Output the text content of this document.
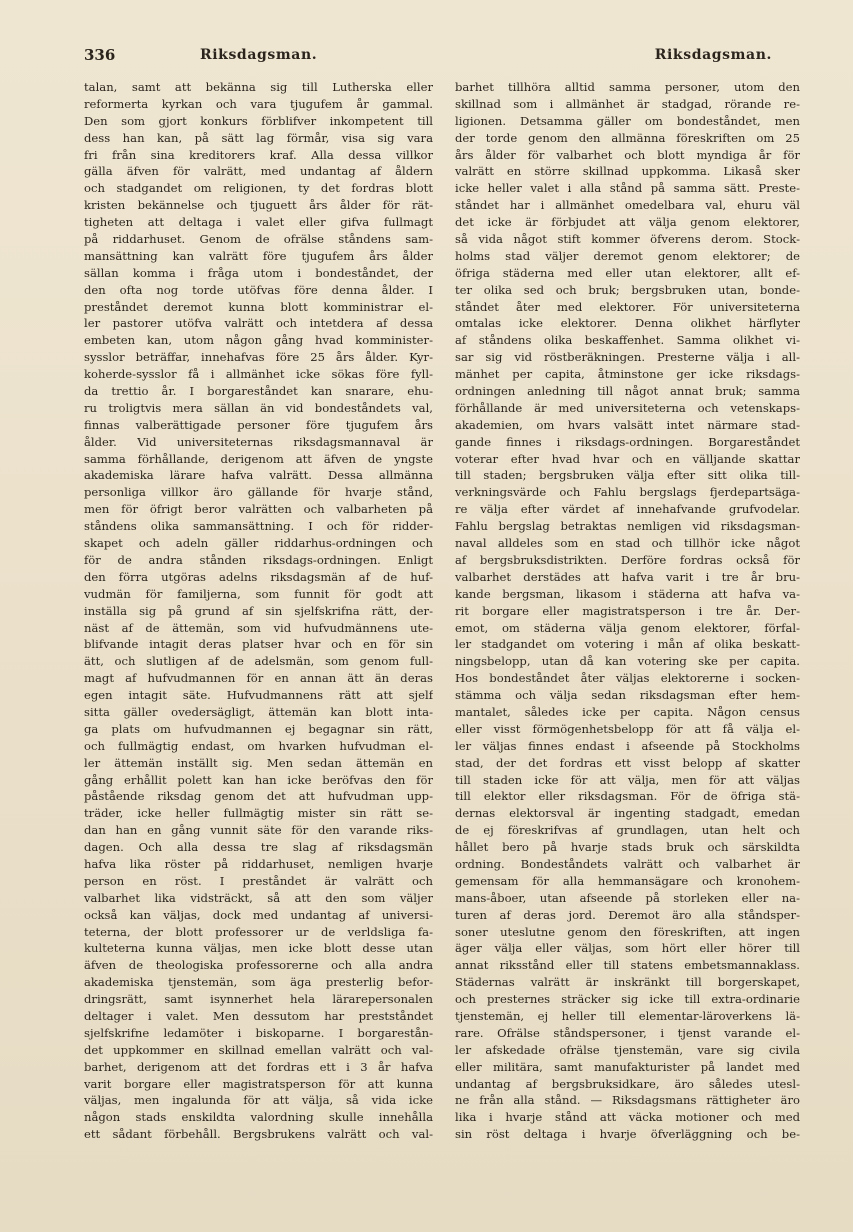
336	Riksdagsman.	Riksdagsman.
talan, samt att bekänna sig till Lutherska eller
reformerta kyrkan och vara tjugufem år gammal.
Den som gjort konkurs förblifver inkompetent till
dess han kan, på sätt lag förmår, visa sig vara
fri från sina kreditorers kraf. Alla dessa villkor
gälla äfven för valrätt, med undantag af åldern
och stadgandet om religionen, ty det fordras blott
kristen bekännelse och tjuguett års ålder för rät-
tigheten att deltaga i valet eller gifva fullmagt
på riddarhuset. Genom de ofrälse ståndens sam-
mansättning kan valrätt före tjugufem års ålder
sällan komma i fråga utom i bondeståndet, der
den ofta nog torde utöfvas före denna ålder. I
preståndet deremot kunna blott komministrar el-
ler pastorer utöfva valrätt och intetdera af dessa
embeten kan, utom någon gång hvad komminister-
sysslor beträffar, innehafvas före 25 års ålder. Kyr-
koherde-sysslor få i allmänhet icke sökas före fyll-
da trettio år. I borgareståndet kan snarare, ehu-
ru troligtvis mera sällan än vid bondeståndets val,
finnas valberättigade personer före tjugufem års
ålder. Vid universiteternas riksdagsmannaval är
samma förhållande, derigenom att äfven de yngste
akademiska lärare hafva valrätt. Dessa allmänna
personliga villkor äro gällande för hvarje stånd,
men för öfrigt beror valrätten och valbarheten på
ståndens olika sammansättning. I och för ridder-
skapet och adeln gäller riddarhus-ordningen och
för de andra stånden riksdags-ordningen. Enligt
den förra utgöras adelns riksdagsmän af de huf-
vudmän för familjerna, som funnit för godt att
inställa sig på grund af sin sjelfskrifna rätt, der-
näst af de ättemän, som vid hufvudmännens ute-
blifvande intagit deras platser hvar och en för sin
ätt, och slutligen af de adelsmän, som genom full-
magt af hufvudmannen för en annan ätt än deras
egen intagit säte. Hufvudmannens rätt att sjelf
sitta gäller ovedersägligt, ättemän kan blott inta-
ga plats om hufvudmannen ej begagnar sin rätt,
och fullmägtig endast, om hvarken hufvudman el-
ler ättemän inställt sig. Men sedan ättemän en
gång erhållit polett kan han icke beröfvas den för
påstående riksdag genom det att hufvudman upp-
träder, icke heller fullmägtig mister sin rätt se-
dan han en gång vunnit säte för den varande riks-
dagen. Och alla dessa tre slag af riksdagsmän
hafva lika röster på riddarhuset, nemligen hvarje
person en röst. I preståndet är valrätt och
valbarhet lika vidsträckt, så att den som väljer
också kan väljas, dock med undantag af universi-
teterna, der blott professorer ur de verldsliga fa-
kulteterna kunna väljas, men icke blott desse utan
äfven de theologiska professorerne och alla andra
akademiska tjenstemän, som äga presterlig befor-
dringsrätt, samt isynnerhet hela lärarepersonalen
deltager i valet. Men dessutom har prestståndet
sjelfskrifne ledamöter i biskoparne. I borgarestån-
det uppkommer en skillnad emellan valrätt och val-
barhet, derigenom att det fordras ett i 3 år hafva
varit borgare eller magistratsperson för att kunna
väljas, men ingalunda för att välja, så vida icke
någon stads enskildta valordning skulle innehålla
ett sådant förbehåll. Bergsbrukens valrätt och val-
barhet tillhöra alltid samma personer, utom den
skillnad som i allmänhet är stadgad, rörande re-
ligionen. Detsamma gäller om bondeståndet, men
der torde genom den allmänna föreskriften om 25
års ålder för valbarhet och blott myndiga år för
valrätt en större skillnad uppkomma. Likaså sker
icke heller valet i alla stånd på samma sätt. Preste-
ståndet har i allmänhet omedelbara val, ehuru väl
det icke är förbjudet att välja genom elektorer,
så vida något stift kommer öfverens derom. Stock-
holms stad väljer deremot genom elektorer; de
öfriga städerna med eller utan elektorer, allt ef-
ter olika sed och bruk; bergsbruken utan, bonde-
ståndet åter med elektorer. För universiteterna
omtalas icke elektorer. Denna olikhet härflyter
af ståndens olika beskaffenhet. Samma olikhet vi-
sar sig vid röstberäkningen. Presterne välja i all-
mänhet per capita, åtminstone ger icke riksdags-
ordningen anledning till något annat bruk; samma
förhållande är med universiteterna och vetenskaps-
akademien, om hvars valsätt intet närmare stad-
gande finnes i riksdags-ordningen. Borgareståndet
voterar efter hvad hvar och en välljande skattar
till staden; bergsbruken välja efter sitt olika till-
verkningsvärde och Fahlu bergslags fjerdepartsäga-
re välja efter värdet af innehafvande grufvodelar.
Fahlu bergslag betraktas nemligen vid riksdagsman-
naval alldeles som en stad och tillhör icke något
af bergsbruksdistrikten. Derföre fordras också för
valbarhet derstädes att hafva varit i tre år bru-
kande bergsman, likasom i städerna att hafva va-
rit borgare eller magistratsperson i tre år. Der-
emot, om städerna välja genom elektorer, förfal-
ler stadgandet om votering i mån af olika beskatt-
ningsbelopp, utan då kan votering ske per capita.
Hos bondeståndet åter väljas elektorerne i socken-
stämma och välja sedan riksdagsman efter hem-
mantalet, således icke per capita. Någon census
eller visst förmögenhetsbelopp för att få välja el-
ler väljas finnes endast i afseende på Stockholms
stad, der det fordras ett visst belopp af skatter
till staden icke för att välja, men för att väljas
till elektor eller riksdagsman. För de öfriga stä-
dernas elektorsval är ingenting stadgadt, emedan
de ej föreskrifvas af grundlagen, utan helt och
hållet bero på hvarje stads bruk och särskildta
ordning. Bondeståndets valrätt och valbarhet är
gemensam för alla hemmansägare och kronohem-
mans-åboer, utan afseende på storleken eller na-
turen af deras jord. Deremot äro alla ståndsper-
soner uteslutne genom den föreskriften, att ingen
äger välja eller väljas, som hört eller hörer till
annat riksstånd eller till statens embetsmannaklass.
Städernas valrätt är inskränkt till borgerskapet,
och presternes sträcker sig icke till extra-ordinarie
tjenstemän, ej heller till elementar-läroverkens lä-
rare. Ofrälse ståndspersoner, i tjenst varande el-
ler afskedade ofrälse tjenstemän, vare sig civila
eller militära, samt manufakturister på landet med
undantag af bergsbruksidkare, äro således utesl-
ne från alla stånd. — Riksdagsmans rättigheter äro
lika i hvarje stånd att väcka motioner och med
sin röst deltaga i hvarje öfverläggning och be-
